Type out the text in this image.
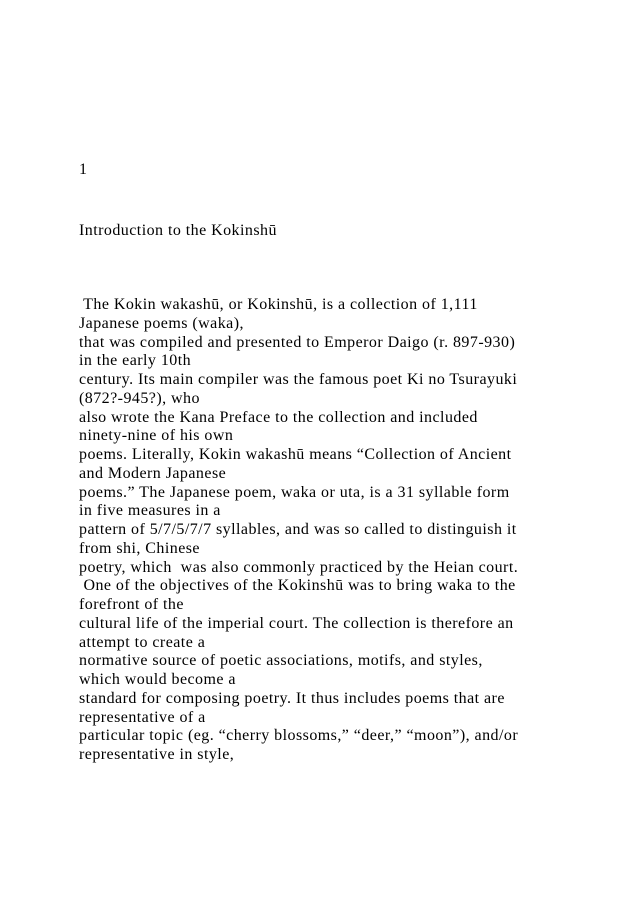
1
Introduction to the Kokinshū
The Kokin wakashū, or Kokinshū, is a collection of 1,111
Japanese poems (waka),
that was compiled and presented to Emperor Daigo (r. 897-930)
in the early 10th
century. Its main compiler was the famous poet Ki no Tsurayuki
(872?-945?), who
also wrote the Kana Preface to the collection and included
ninety-nine of his own
poems. Literally, Kokin wakashū means “Collection of Ancient
and Modern Japanese
poems.” The Japanese poem, waka or uta, is a 31 syllable form
in five measures in a
pattern of 5/7/5/7/7 syllables, and was so called to distinguish it
from shi, Chinese
poetry, which  was also commonly practiced by the Heian court.
One of the objectives of the Kokinshū was to bring waka to the
forefront of the
cultural life of the imperial court. The collection is therefore an
attempt to create a
normative source of poetic associations, motifs, and styles,
which would become a
standard for composing poetry. It thus includes poems that are
representative of a
particular topic (eg. “cherry blossoms,” “deer,” “moon”), and/or
representative in style,
